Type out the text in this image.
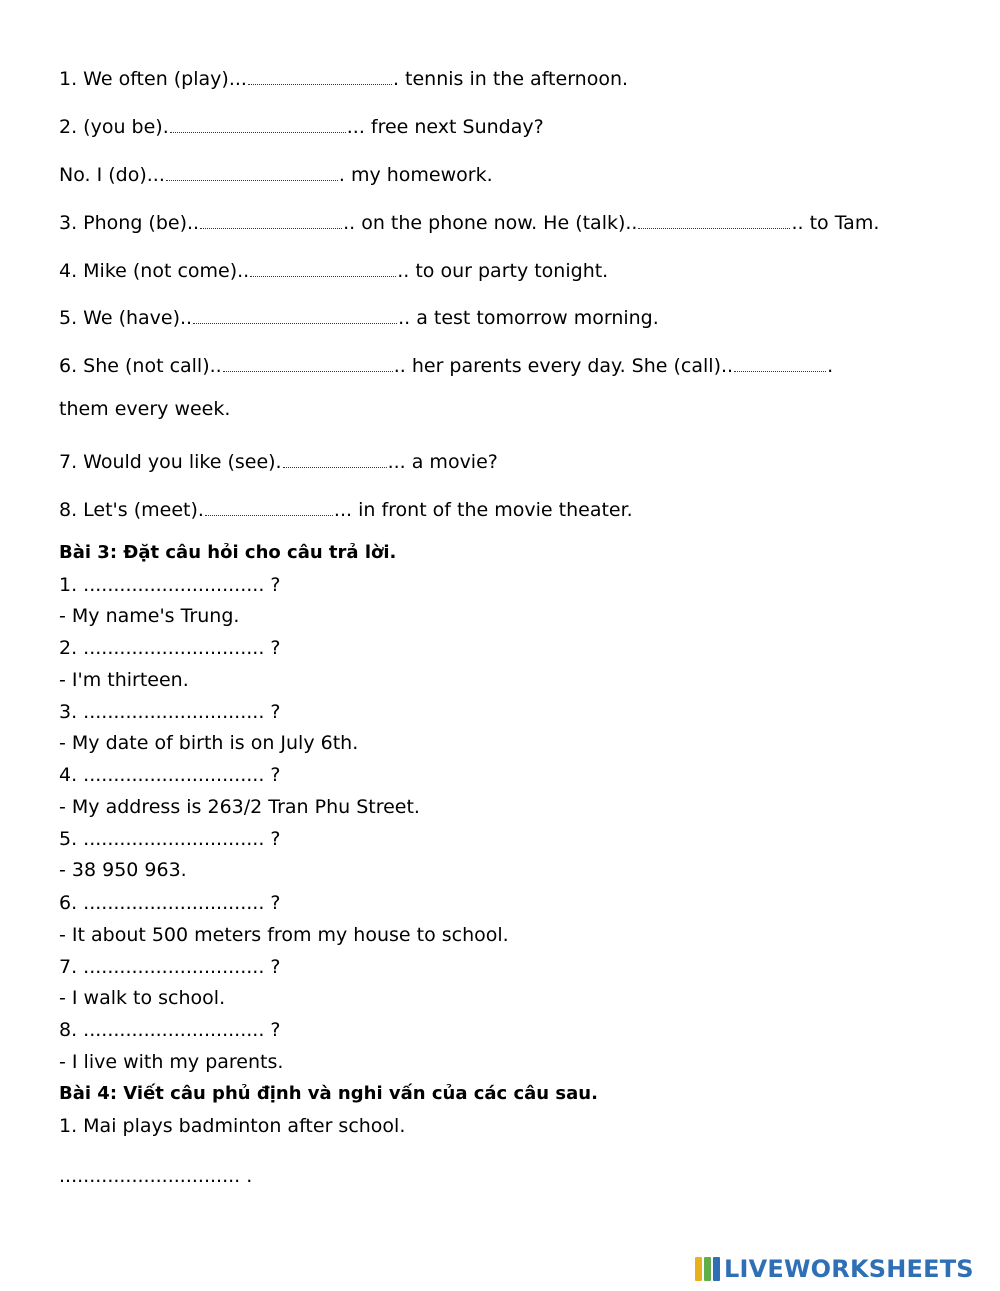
1. We often (play)...	. tennis in the afternoon.
2. (you be).	... free next Sunday?
No. I (do)...	. my homework.
3. Phong (be)..	.. on the phone now. He (talk)..	.. to Tam.
4. Mike (not come)..	.. to our party tonight.
5. We (have)..	.. a test tomorrow morning.
6. She (not call)..	.. her parents every day. She (call)..	.
them every week.
7. Would you like (see).	... a movie?
8. Let's (meet).	... in front of the movie theater.
Bài 3: Đặt câu hỏi cho câu trả lời.
1. .............................. ?
- My name's Trung.
2. .............................. ?
- I'm thirteen.
3. .............................. ?
- My date of birth is on July 6th.
4. .............................. ?
- My address is 263/2 Tran Phu Street.
5. .............................. ?
- 38 950 963.
6. .............................. ?
- It about 500 meters from my house to school.
7. .............................. ?
- I walk to school.
8. .............................. ?
- I live with my parents.
Bài 4: Viết câu phủ định và nghi vấn của các câu sau.
1. Mai plays badminton after school.
.............................. .
LIVEWORKSHEETS
